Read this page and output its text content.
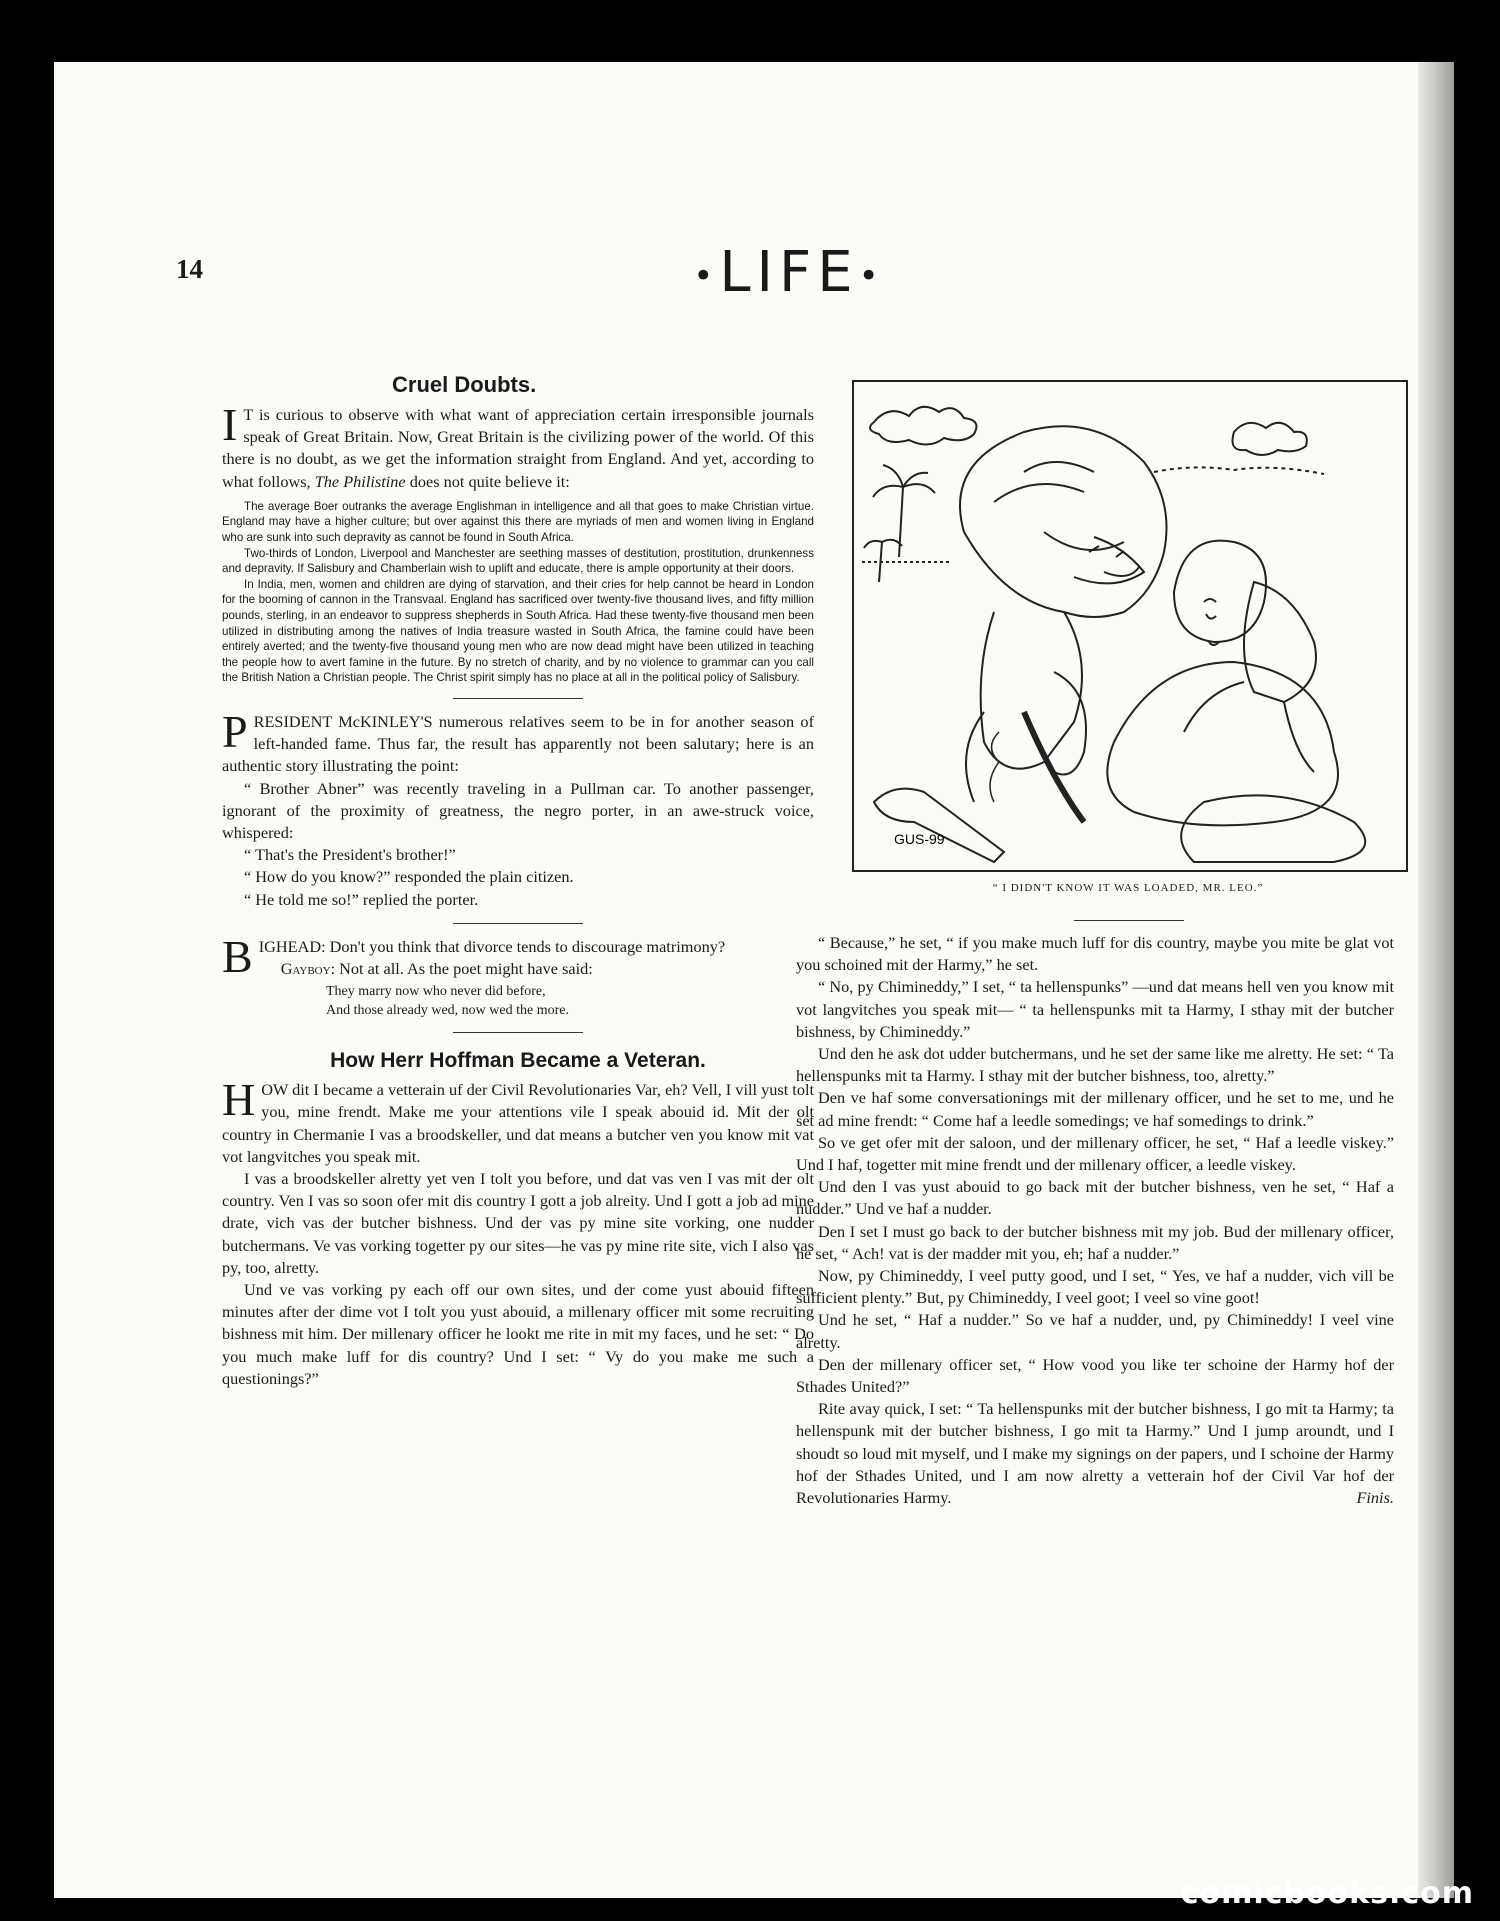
14	•LIFE•
Cruel Doubts.

I T is curious to observe with what want of appreciation certain irresponsible journals speak of Great Britain. Now, Great Britain is the civilizing power of the world. Of this there is no doubt, as we get the information straight from England. And yet, according to what follows, The Philistine does not quite believe it:

The average Boer outranks the average Englishman in intelligence and all that goes to make Christian virtue. England may have a higher culture; but over against this there are myriads of men and women living in England who are sunk into such depravity as cannot be found in South Africa.

Two-thirds of London, Liverpool and Manchester are seething masses of destitution, prostitution, drunkenness and depravity. If Salisbury and Chamberlain wish to uplift and educate, there is ample opportunity at their doors.

In India, men, women and children are dying of starvation, and their cries for help cannot be heard in London for the booming of cannon in the Transvaal. England has sacrificed over twenty-five thousand lives, and fifty million pounds, sterling, in an endeavor to suppress shepherds in South Africa. Had these twenty-five thousand men been utilized in distributing among the natives of India treasure wasted in South Africa, the famine could have been entirely averted; and the twenty-five thousand young men who are now dead might have been utilized in teaching the people how to avert famine in the future. By no stretch of charity, and by no violence to grammar can you call the British Nation a Christian people. The Christ spirit simply has no place at all in the political policy of Salisbury.

PRESIDENT McKINLEY'S numerous relatives seem to be in for another season of left-handed fame. Thus far, the result has apparently not been salutary; here is an authentic story illustrating the point:

“ Brother Abner” was recently traveling in a Pullman car. To another passenger, ignorant of the proximity of greatness, the negro porter, in an awe-struck voice, whispered:

“ That's the President's brother!”

“ How do you know?” responded the plain citizen.

“ He told me so!” replied the porter.

BIGHEAD: Don't you think that divorce tends to discourage matrimony?

Gayboy: Not at all. As the poet might have said:

They marry now who never did before,
And those already wed, now wed the more.
How Herr Hoffman Became a Veteran.

HOW dit I became a vetterain uf der Civil Revolutionaries Var, eh? Vell, I vill yust tolt you, mine frendt. Make me your attentions vile I speak abouid id. Mit der olt country in Chermanie I vas a broodskeller, und dat means a butcher ven you know mit vat vot langvitches you speak mit.

I vas a broodskeller alretty yet ven I tolt you before, und dat vas ven I vas mit der olt country. Ven I vas so soon ofer mit dis country I gott a job alreity. Und I gott a job ad mine drate, vich vas der butcher bishness. Und der vas py mine site vorking, one nudder butchermans. Ve vas vorking togetter py our sites—he vas py mine rite site, vich I also vas py, too, alretty.

Und ve vas vorking py each off our own sites, und der come yust abouid fifteen minutes after der dime vot I tolt you yust abouid, a millenary officer mit some recruiting bishness mit him. Der millenary officer he lookt me rite in mit my faces, und he set: “ Do you much make luff for dis country? Und I set: “ Vy do you make me such a questionings?”

GUS-99
“ I DIDN'T KNOW IT WAS LOADED, MR. LEO.”

“ Because,” he set, “ if you make much luff for dis country, maybe you mite be glat vot you schoined mit der Harmy,” he set.

“ No, py Chimineddy,” I set, “ ta hellenspunks” —und dat means hell ven you know mit vot langvitches you speak mit— “ ta hellenspunks mit ta Harmy, I sthay mit der butcher bishness, by Chimineddy.”

Und den he ask dot udder butchermans, und he set der same like me alretty. He set: “ Ta hellenspunks mit ta Harmy. I sthay mit der butcher bishness, too, alretty.”

Den ve haf some conversationings mit der millenary officer, und he set to me, und he set ad mine frendt: “ Come haf a leedle somedings; ve haf somedings to drink.”

So ve get ofer mit der saloon, und der millenary officer, he set, “ Haf a leedle viskey.” Und I haf, togetter mit mine frendt und der millenary officer, a leedle viskey.

Und den I vas yust abouid to go back mit der butcher bishness, ven he set, “ Haf a nudder.” Und ve haf a nudder.

Den I set I must go back to der butcher bishness mit my job. Bud der millenary officer, he set, “ Ach! vat is der madder mit you, eh; haf a nudder.”

Now, py Chimineddy, I veel putty good, und I set, “ Yes, ve haf a nudder, vich vill be sufficient plenty.” But, py Chimineddy, I veel goot; I veel so vine goot!

Und he set, “ Haf a nudder.” So ve haf a nudder, und, py Chimineddy! I veel vine alretty.

Den der millenary officer set, “ How vood you like ter schoine der Harmy hof der Sthades United?”

Rite avay quick, I set: “ Ta hellenspunks mit der butcher bishness, I go mit ta Harmy; ta hellenspunk mit der butcher bishness, I go mit ta Harmy.” Und I jump aroundt, und I shoudt so loud mit myself, und I make my signings on der papers, und I schoine der Harmy hof der Sthades United, und I am now alretty a vetterain hof der Civil Var hof der Revolutionaries Harmy.	Finis.

comicbooks.com
